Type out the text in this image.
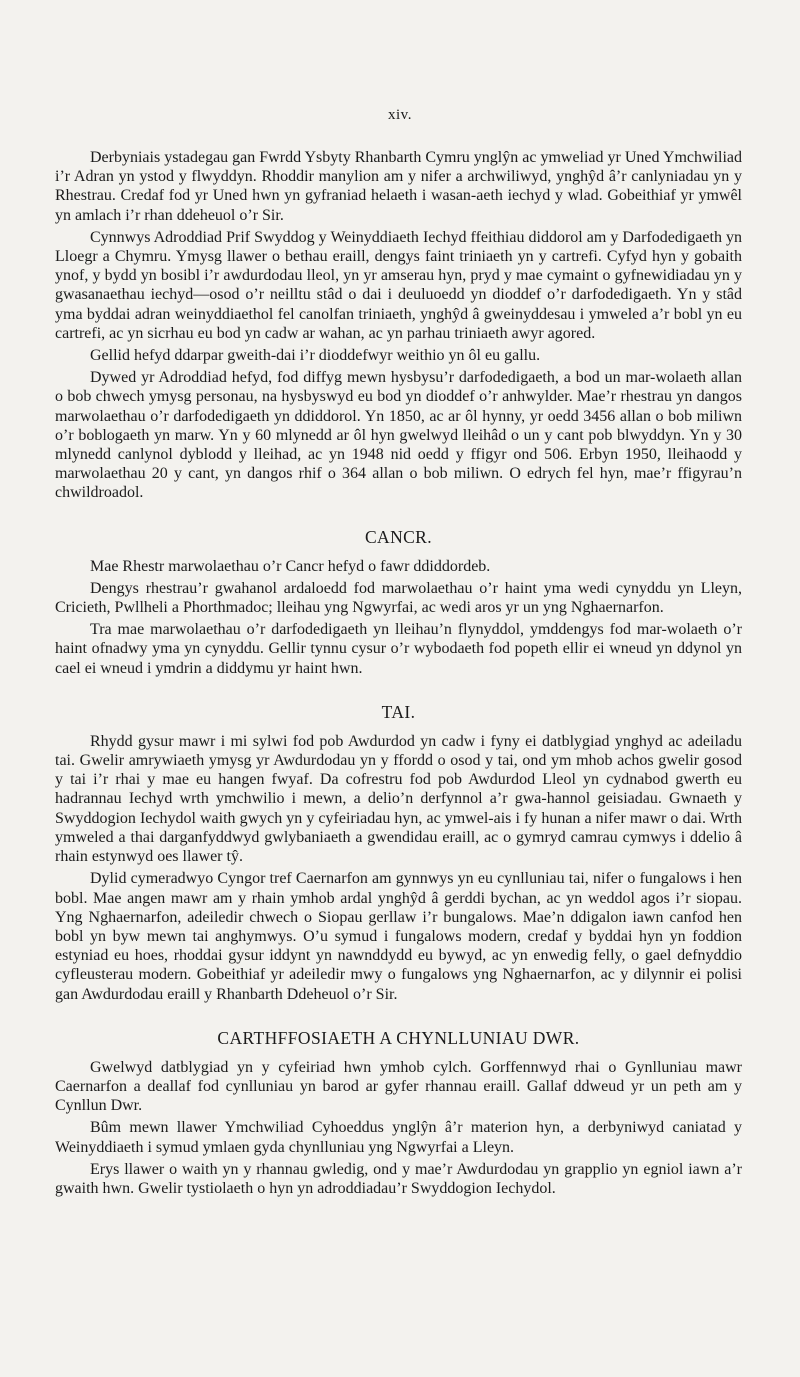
xiv.

Derbyniais ystadegau gan Fwrdd Ysbyty Rhanbarth Cymru ynglŷn ac ymweliad yr Uned Ymchwiliad i’r Adran yn ystod y flwyddyn. Rhoddir manylion am y nifer a archwiliwyd, ynghŷd â’r canlyniadau yn y Rhestrau. Credaf fod yr Uned hwn yn gyfraniad helaeth i wasan-aeth iechyd y wlad. Gobeithiaf yr ymwêl yn amlach i’r rhan ddeheuol o’r Sir.

Cynnwys Adroddiad Prif Swyddog y Weinyddiaeth Iechyd ffeithiau diddorol am y Darfodedigaeth yn Lloegr a Chymru. Ymysg llawer o bethau eraill, dengys faint triniaeth yn y cartrefi. Cyfyd hyn y gobaith ynof, y bydd yn bosibl i’r awdurdodau lleol, yn yr amserau hyn, pryd y mae cymaint o gyfnewidiadau yn y gwasanaethau iechyd—osod o’r neilltu stâd o dai i deuluoedd yn dioddef o’r darfodedigaeth. Yn y stâd yma byddai adran weinyddiaethol fel canolfan triniaeth, ynghŷd â gweinyddesau i ymweled a’r bobl yn eu cartrefi, ac yn sicrhau eu bod yn cadw ar wahan, ac yn parhau triniaeth awyr agored.

Gellid hefyd ddarpar gweith-dai i’r dioddefwyr weithio yn ôl eu gallu.

Dywed yr Adroddiad hefyd, fod diffyg mewn hysbysu’r darfodedigaeth, a bod un mar-wolaeth allan o bob chwech ymysg personau, na hysbyswyd eu bod yn dioddef o’r anhwylder. Mae’r rhestrau yn dangos marwolaethau o’r darfodedigaeth yn ddiddorol. Yn 1850, ac ar ôl hynny, yr oedd 3456 allan o bob miliwn o’r boblogaeth yn marw. Yn y 60 mlynedd ar ôl hyn gwelwyd lleihâd o un y cant pob blwyddyn. Yn y 30 mlynedd canlynol dyblodd y lleihad, ac yn 1948 nid oedd y ffigyr ond 506. Erbyn 1950, lleihaodd y marwolaethau 20 y cant, yn dangos rhif o 364 allan o bob miliwn. O edrych fel hyn, mae’r ffigyrau’n chwildroadol.

CANCR.

Mae Rhestr marwolaethau o’r Cancr hefyd o fawr ddiddordeb.

Dengys rhestrau’r gwahanol ardaloedd fod marwolaethau o’r haint yma wedi cynyddu yn Lleyn, Cricieth, Pwllheli a Phorthmadoc; lleihau yng Ngwyrfai, ac wedi aros yr un yng Nghaernarfon.

Tra mae marwolaethau o’r darfodedigaeth yn lleihau’n flynyddol, ymddengys fod mar-wolaeth o’r haint ofnadwy yma yn cynyddu. Gellir tynnu cysur o’r wybodaeth fod popeth ellir ei wneud yn ddynol yn cael ei wneud i ymdrin a diddymu yr haint hwn.

TAI.

Rhydd gysur mawr i mi sylwi fod pob Awdurdod yn cadw i fyny ei datblygiad ynghyd ac adeiladu tai. Gwelir amrywiaeth ymysg yr Awdurdodau yn y ffordd o osod y tai, ond ym mhob achos gwelir gosod y tai i’r rhai y mae eu hangen fwyaf. Da cofrestru fod pob Awdurdod Lleol yn cydnabod gwerth eu hadrannau Iechyd wrth ymchwilio i mewn, a delio’n derfynnol a’r gwa-hannol geisiadau. Gwnaeth y Swyddogion Iechydol waith gwych yn y cyfeiriadau hyn, ac ymwel-ais i fy hunan a nifer mawr o dai. Wrth ymweled a thai darganfyddwyd gwlybaniaeth a gwendidau eraill, ac o gymryd camrau cymwys i ddelio â rhain estynwyd oes llawer tŷ.

Dylid cymeradwyo Cyngor tref Caernarfon am gynnwys yn eu cynlluniau tai, nifer o fungalows i hen bobl. Mae angen mawr am y rhain ymhob ardal ynghŷd â gerddi bychan, ac yn weddol agos i’r siopau. Yng Nghaernarfon, adeiledir chwech o Siopau gerllaw i’r bungalows. Mae’n ddigalon iawn canfod hen bobl yn byw mewn tai anghymwys. O’u symud i fungalows modern, credaf y byddai hyn yn foddion estyniad eu hoes, rhoddai gysur iddynt yn nawnddydd eu bywyd, ac yn enwedig felly, o gael defnyddio cyfleusterau modern. Gobeithiaf yr adeiledir mwy o fungalows yng Nghaernarfon, ac y dilynnir ei polisi gan Awdurdodau eraill y Rhanbarth Ddeheuol o’r Sir.

CARTHFFOSIAETH A CHYNLLUNIAU DWR.

Gwelwyd datblygiad yn y cyfeiriad hwn ymhob cylch. Gorffennwyd rhai o Gynlluniau mawr Caernarfon a deallaf fod cynlluniau yn barod ar gyfer rhannau eraill. Gallaf ddweud yr un peth am y Cynllun Dwr.

Bûm mewn llawer Ymchwiliad Cyhoeddus ynglŷn â’r materion hyn, a derbyniwyd caniatad y Weinyddiaeth i symud ymlaen gyda chynlluniau yng Ngwyrfai a Lleyn.

Erys llawer o waith yn y rhannau gwledig, ond y mae’r Awdurdodau yn grapplio yn egniol iawn a’r gwaith hwn. Gwelir tystiolaeth o hyn yn adroddiadau’r Swyddogion Iechydol.
